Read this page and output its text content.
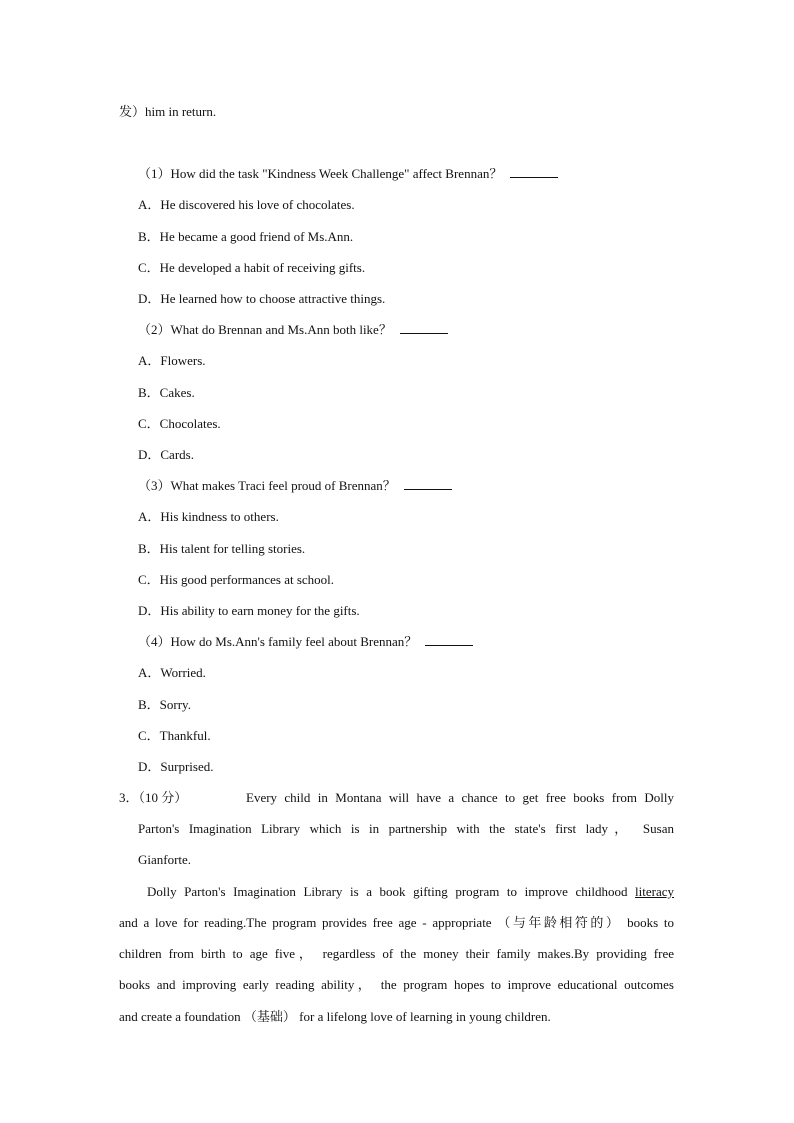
发）him in return.
（1）How did the task "Kindness Week Challenge" affect Brennan？
A．He discovered his love of chocolates.
B．He became a good friend of Ms.Ann.
C．He developed a habit of receiving gifts.
D．He learned how to choose attractive things.
（2）What do Brennan and Ms.Ann both like？
A．Flowers.
B．Cakes.
C．Chocolates.
D．Cards.
（3）What makes Traci feel proud of Brennan？
A．His kindness to others.
B．His talent for telling stories.
C．His good performances at school.
D．His ability to earn money for the gifts.
（4）How do Ms.Ann's family feel about Brennan？
A．Worried.
B．Sorry.
C．Thankful.
D．Surprised.
3．（10 分）	Every child in Montana will have a chance to get free books from Dolly
Parton's Imagination Library which is in partnership with the state's first lady， Susan
Gianforte.
Dolly Parton's Imagination Library is a book gifting program to improve childhood literacy
and a love for reading.The program provides free age - appropriate （与年龄相符的） books to
children from birth to age five， regardless of the money their family makes.By providing free
books and improving early reading ability， the program hopes to improve educational outcomes
and create a foundation （基础） for a lifelong love of learning in young children.
